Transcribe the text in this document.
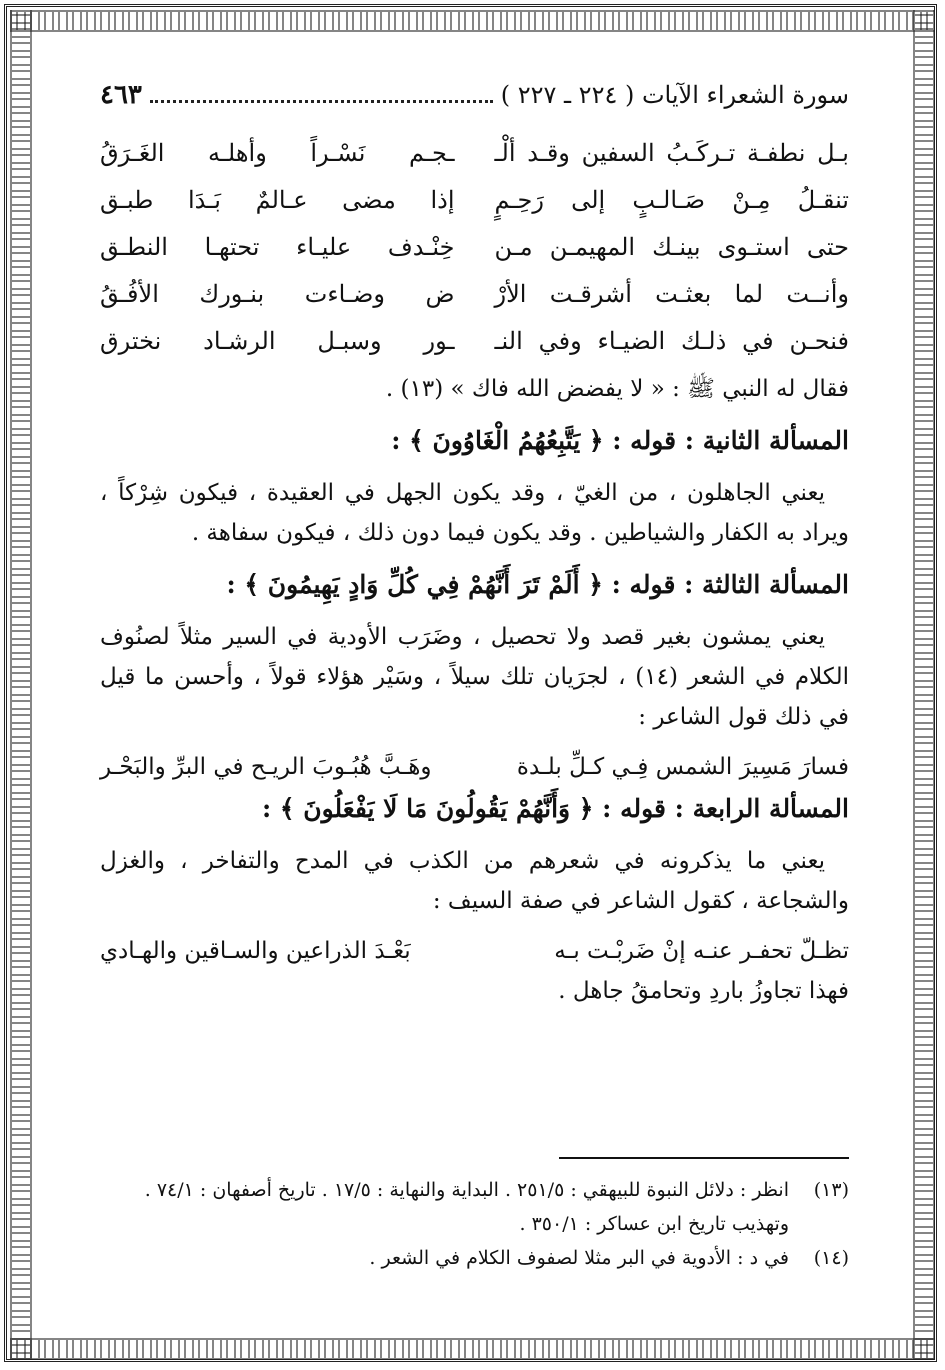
سورة الشعراء الآيات ( ٢٢٤ ـ ٢٢٧ )
٤٦٣
بـل نطفـة تـركَـبُ السفين وقـد ألْـ
ـجـم نَسْـراً وأهلـه الغَـرَقُ
تنقـلُ مِـنْ صَـالـبٍ إلى رَحِـمٍ
إذا مضى عـالمٌ بَـدَا طبـق
حتى استـوى بينـك المهيمـن مـن
خِنْـدف عليـاء تحتهـا النطـق
وأنــت لما بعثـت أشرقـت الأرْ
ض وضـاءت بنـورك الأفُـقُ
فنحـن في ذلـك الضيـاء وفي النـ
ـور وسبـل الرشـاد نخترق

فقال له النبي ﷺ : « لا يفضض الله فاك » (١٣) .

المسألة الثانية : قوله : ﴿ يَتَّبِعُهُمُ الْغَاوُونَ ﴾ :

يعني الجاهلون ، من الغيّ ، وقد يكون الجهل في العقيدة ، فيكون شِرْكاً ، ويراد به الكفار والشياطين . وقد يكون فيما دون ذلك ، فيكون سفاهة .

المسألة الثالثة : قوله : ﴿ أَلَمْ تَرَ أَنَّهُمْ فِي كُلِّ وَادٍ يَهِيمُونَ ﴾ :

يعني يمشون بغير قصد ولا تحصيل ، وضَرَب الأودية في السير مثلاً لصنُوف الكلام في الشعر (١٤) ، لجرَيان تلك سيلاً ، وسَيْر هؤلاء قولاً ، وأحسن ما قيل في ذلك قول الشاعر :

فسارَ مَسِيرَ الشمس فِـي كـلِّ بلـدة
وهَـبَّ هُبُـوبَ الريـح في البرِّ والبَحْـر

المسألة الرابعة : قوله : ﴿ وَأَنَّهُمْ يَقُولُونَ مَا لَا يَفْعَلُونَ ﴾ :

يعني ما يذكرونه في شعرهم من الكذب في المدح والتفاخر ، والغزل والشجاعة ، كقول الشاعر في صفة السيف :

تظـلّ تحفـر عنـه إنْ ضَربْـت بـه
بَعْـدَ الذراعين والسـاقين والهـادي

فهذا تجاوزُ باردِ وتحامقُ جاهل .

(١٣)
انظر : دلائل النبوة للبيهقي : ٢٥١/٥ . البداية والنهاية : ١٧/٥ . تاريخ أصفهان : ٧٤/١ . وتهذيب تاريخ ابن عساكر : ٣٥٠/١ .
(١٤)
في د : الأدوية في البر مثلا لصفوف الكلام في الشعر .
